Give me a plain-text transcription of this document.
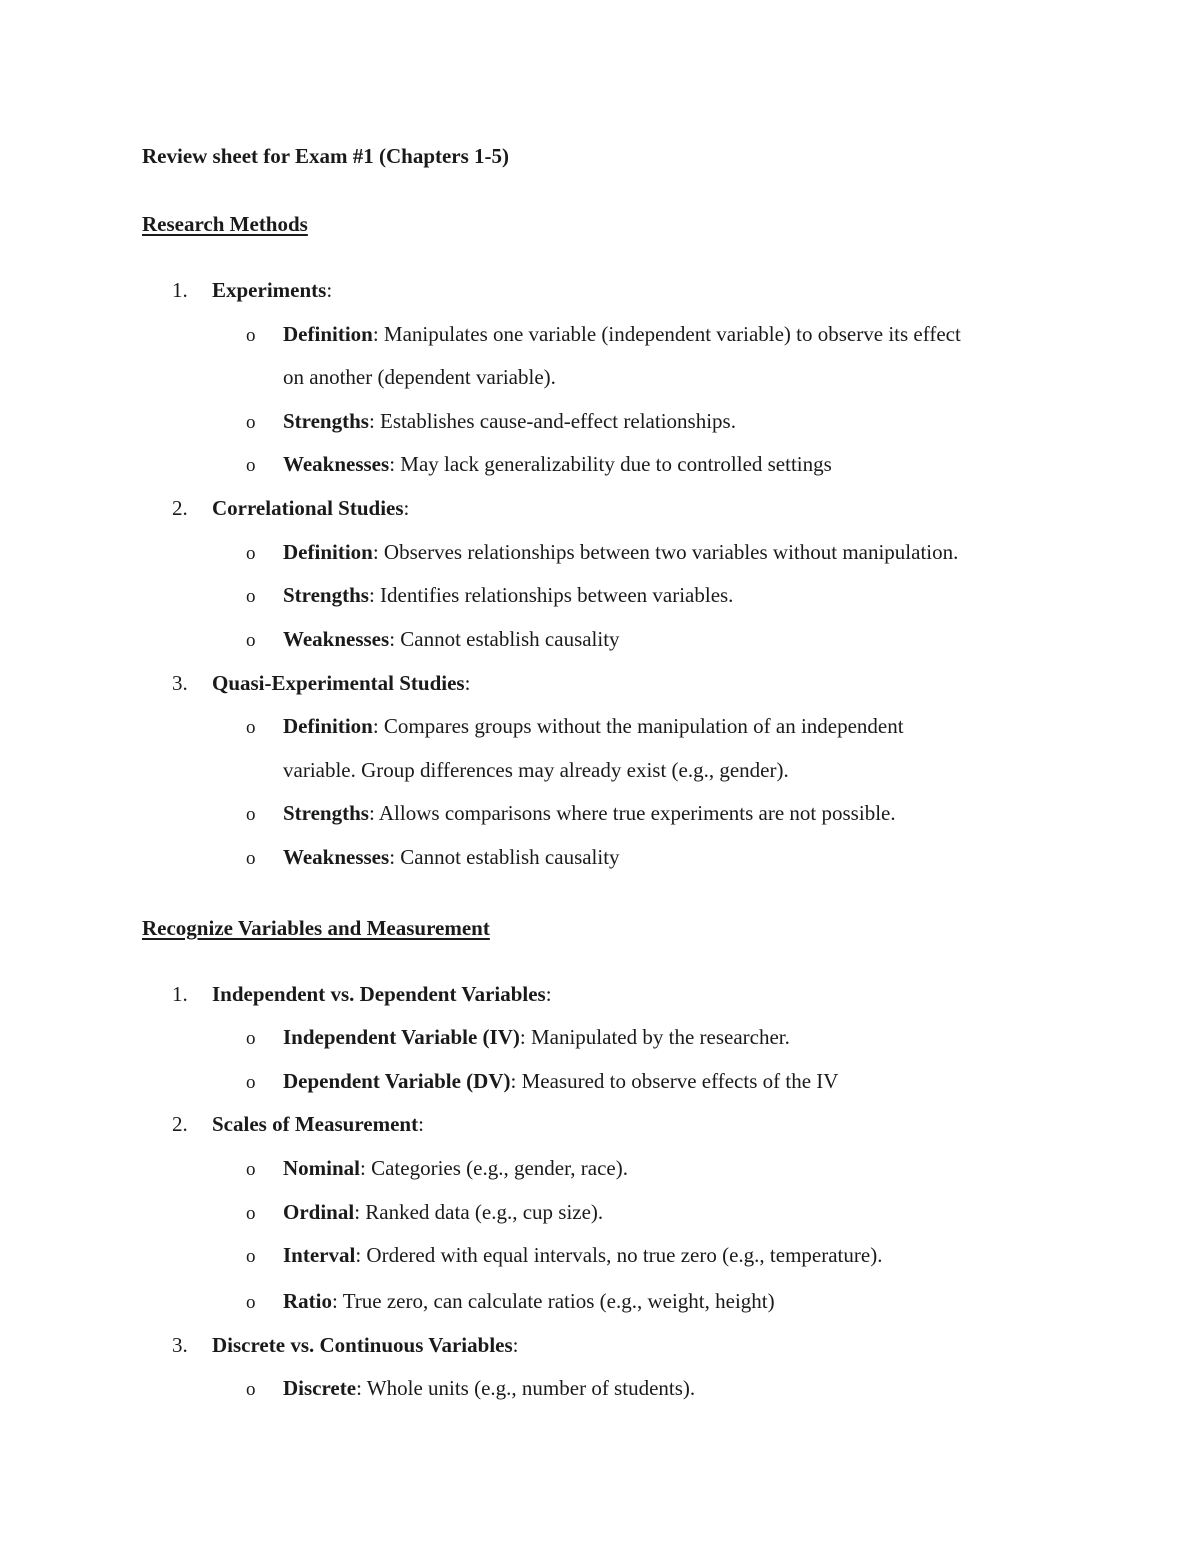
Review sheet for Exam #1 (Chapters 1-5)
Research Methods
1. Experiments:
o Definition: Manipulates one variable (independent variable) to observe its effect
on another (dependent variable).
o Strengths: Establishes cause-and-effect relationships.
o Weaknesses: May lack generalizability due to controlled settings
2. Correlational Studies:
o Definition: Observes relationships between two variables without manipulation.
o Strengths: Identifies relationships between variables.
o Weaknesses: Cannot establish causality
3. Quasi-Experimental Studies:
o Definition: Compares groups without the manipulation of an independent
variable. Group differences may already exist (e.g., gender).
o Strengths: Allows comparisons where true experiments are not possible.
o Weaknesses: Cannot establish causality
Recognize Variables and Measurement
1. Independent vs. Dependent Variables:
o Independent Variable (IV): Manipulated by the researcher.
o Dependent Variable (DV): Measured to observe effects of the IV
2. Scales of Measurement:
o Nominal: Categories (e.g., gender, race).
o Ordinal: Ranked data (e.g., cup size).
o Interval: Ordered with equal intervals, no true zero (e.g., temperature).
o Ratio: True zero, can calculate ratios (e.g., weight, height)
3. Discrete vs. Continuous Variables:
o Discrete: Whole units (e.g., number of students).
